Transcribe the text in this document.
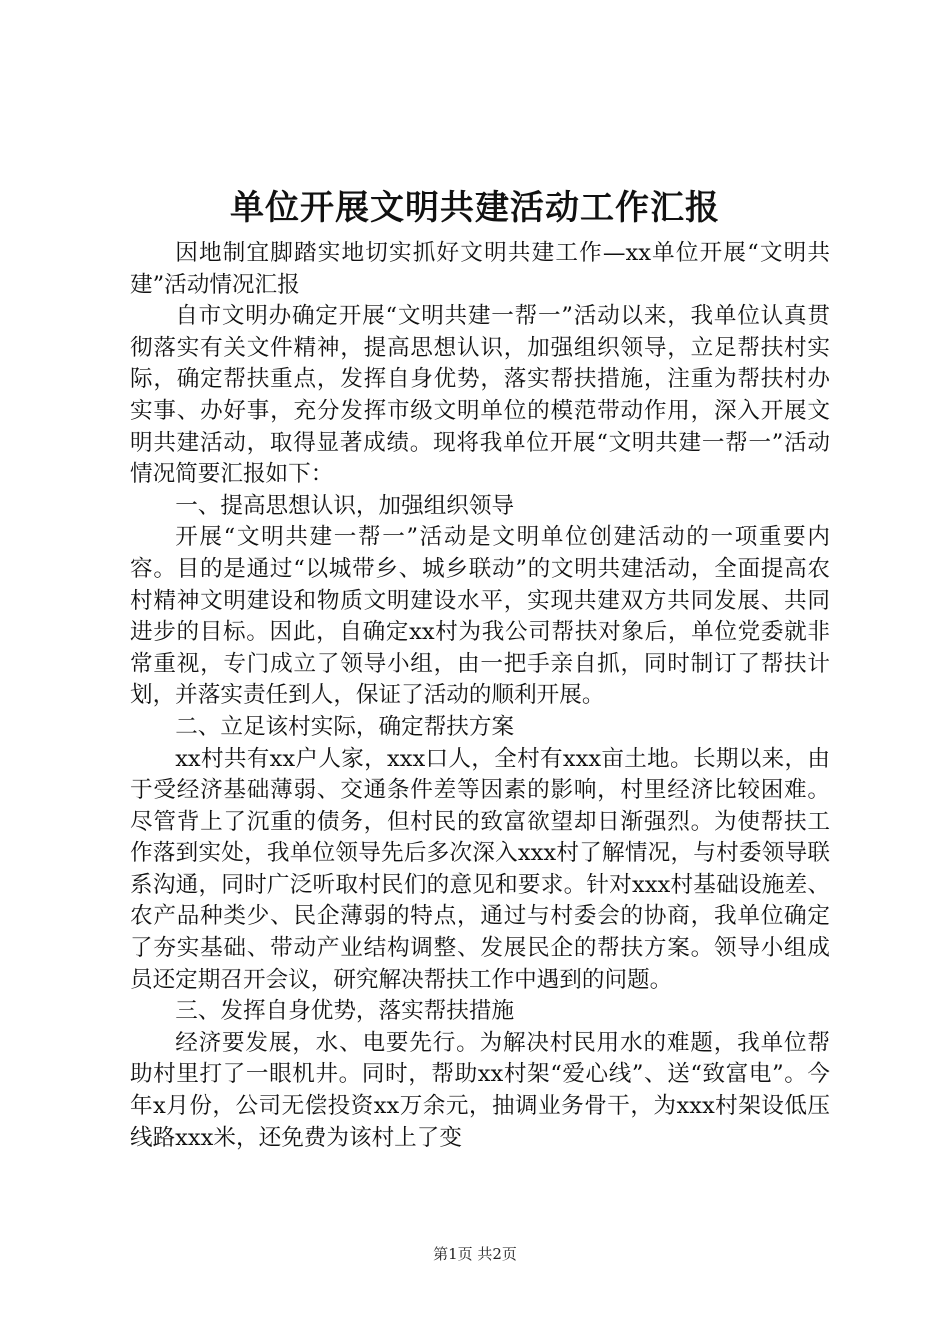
单位开展文明共建活动工作汇报

因地制宜脚踏实地切实抓好文明共建工作—xx单位开展“文明共建”活动情况汇报

自市文明办确定开展“文明共建一帮一”活动以来，我单位认真贯彻落实有关文件精神，提高思想认识，加强组织领导，立足帮扶村实际，确定帮扶重点，发挥自身优势，落实帮扶措施，注重为帮扶村办实事、办好事，充分发挥市级文明单位的模范带动作用，深入开展文明共建活动，取得显著成绩。现将我单位开展“文明共建一帮一”活动情况简要汇报如下：

一、提高思想认识，加强组织领导

开展“文明共建一帮一”活动是文明单位创建活动的一项重要内容。目的是通过“以城带乡、城乡联动”的文明共建活动，全面提高农村精神文明建设和物质文明建设水平，实现共建双方共同发展、共同进步的目标。因此，自确定xx村为我公司帮扶对象后，单位党委就非常重视，专门成立了领导小组，由一把手亲自抓，同时制订了帮扶计划，并落实责任到人，保证了活动的顺利开展。

二、立足该村实际，确定帮扶方案

xx村共有xx户人家，xxx口人，全村有xxx亩土地。长期以来，由于受经济基础薄弱、交通条件差等因素的影响，村里经济比较困难。尽管背上了沉重的债务，但村民的致富欲望却日渐强烈。为使帮扶工作落到实处，我单位领导先后多次深入xxx村了解情况，与村委领导联系沟通，同时广泛听取村民们的意见和要求。针对xxx村基础设施差、农产品种类少、民企薄弱的特点，通过与村委会的协商，我单位确定了夯实基础、带动产业结构调整、发展民企的帮扶方案。领导小组成员还定期召开会议，研究解决帮扶工作中遇到的问题。

三、发挥自身优势，落实帮扶措施

经济要发展，水、电要先行。为解决村民用水的难题，我单位帮助村里打了一眼机井。同时，帮助xx村架“爱心线”、送“致富电”。今年x月份，公司无偿投资xx万余元，抽调业务骨干，为xxx村架设低压线路xxx米，还免费为该村上了变

第1页 共2页
